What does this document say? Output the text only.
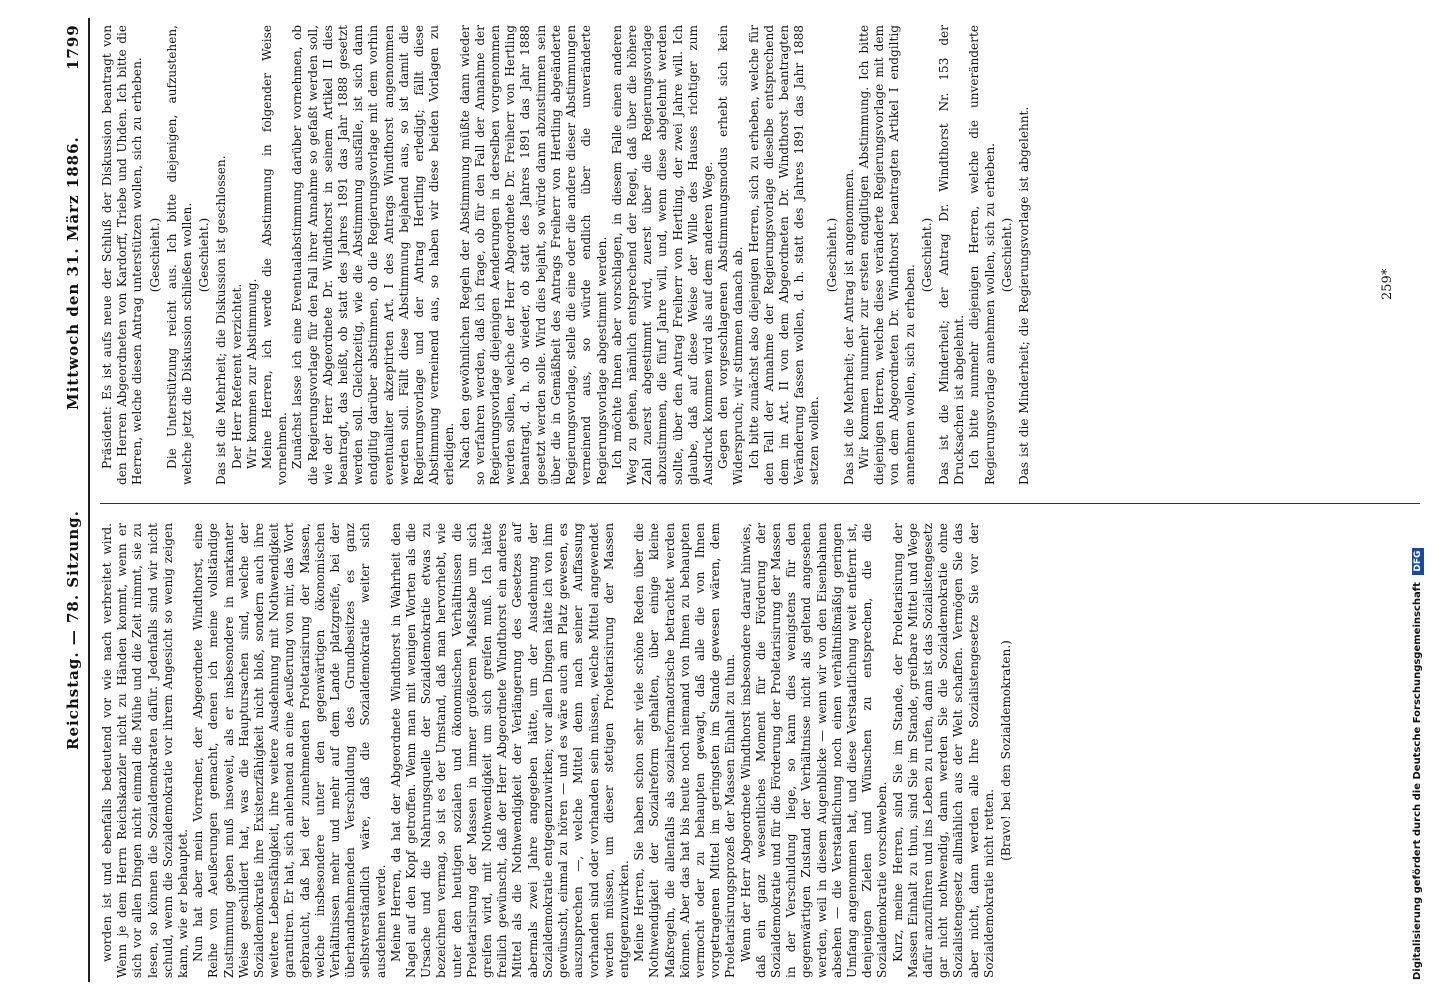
Reichstag. — 78. Sitzung.
Mittwoch den 31. März 1886.
1799

worden ist und ebenfalls bedeutend vor wie nach verbreitet wird. Wenn je dem Herrn Reichskanzler nicht zu Händen kommt, wenn er sich vor allen Dingen nicht einmal die Mühe und die Zeit nimmt, sie zu lesen, so können die Sozialdemokraten dafür. Jedenfalls sind wir nicht schuld, wenn die Sozialdemokratie vor ihrem Angesicht so wenig zeigen kann, wie er behauptet. Nun hat aber mein Vorredner, der Abgeordnete Windthorst, eine Reihe von Aeußerungen gemacht, denen ich meine vollständige Zustimmung geben muß insoweit, als er insbesondere in markanter Weise geschildert hat, was die Hauptursachen sind, welche der Sozialdemokratie ihre Existenzfähigkeit nicht bloß, sondern auch ihre weitere Lebensfähigkeit, ihre weitere Ausdehnung mit Nothwendigkeit garantiren. Er hat, sich anlehnend an eine Aeußerung von mir, das Wort gebraucht, daß bei der zunehmenden Proletarisirung der Massen, welche insbesondere unter den gegenwärtigen ökonomischen Verhältnissen mehr und mehr auf dem Lande platzgreife, bei der überhandnehmenden Verschuldung des Grundbesitzes es ganz selbstverständlich wäre, daß die Sozialdemokratie weiter sich ausdehnen werde. Meine Herren, da hat der Abgeordnete Windthorst in Wahrheit den Nagel auf den Kopf getroffen. Wenn man mit wenigen Worten als die Ursache und die Nahrungsquelle der Sozialdemokratie etwas zu bezeichnen vermag, so ist es der Umstand, daß man hervorhebt, wie unter den heutigen sozialen und ökonomischen Verhältnissen die Proletarisirung der Massen in immer größerem Maßstabe um sich greifen wird, mit Nothwendigkeit um sich greifen muß. Ich hätte freilich gewünscht, daß der Herr Abgeordnete Windthorst ein anderes Mittel als die Nothwendigkeit der Verlängerung des Gesetzes auf abermals zwei Jahre angegeben hätte, um der Ausdehnung der Sozialdemokratie entgegenzuwirken; vor allen Dingen hätte ich von ihm gewünscht, einmal zu hören — und es wäre auch am Platz gewesen, es auszusprechen —, welche Mittel denn nach seiner Auffassung vorhanden sind oder vorhanden sein müssen, welche Mittel angewendet werden müssen, um dieser stetigen Proletarisirung der Massen entgegenzuwirken. Meine Herren, Sie haben schon sehr viele schöne Reden über die Nothwendigkeit der Sozialreform gehalten, über einige kleine Maßregeln, die allenfalls als sozialreformatorische betrachtet werden können. Aber das hat bis heute noch niemand von Ihnen zu behaupten vermocht oder zu behaupten gewagt, daß alle die von Ihnen vorgetragenen Mittel im geringsten im Stande gewesen wären, dem Proletarisirungsprozeß der Massen Einhalt zu thun. Wenn der Herr Abgeordnete Windthorst insbesondere darauf hinwies, daß ein ganz wesentliches Moment für die Förderung der Sozialdemokratie und für die Förderung der Proletarisirung der Massen in der Verschuldung liege, so kann dies wenigstens für den gegenwärtigen Zustand der Verhältnisse nicht als geltend angesehen werden, weil in diesem Augenblicke — wenn wir von den Eisenbahnen absehen — die Verstaatlichung noch einen verhältnißmäßig geringen Umfang angenommen hat, und diese Verstaatlichung weit entfernt ist, denjenigen Zielen und Wünschen zu entsprechen, die die Sozialdemokratie vorschweben. Kurz, meine Herren, sind Sie im Stande, der Proletarisirung der Massen Einhalt zu thun, sind Sie im Stande, greifbare Mittel und Wege dafür anzuführen und ins Leben zu rufen, dann ist das Sozialistengesetz gar nicht nothwendig, dann werden Sie die Sozialdemokratie ohne Sozialistengesetz allmählich aus der Welt schaffen. Vermögen Sie das aber nicht, dann werden alle Ihre Sozialistengesetze Sie vor der Sozialdemokratie nicht retten.

(Bravo! bei den Sozialdemokraten.)

Präsident: Es ist aufs neue der Schluß der Diskussion beantragt von den Herren Abgeordneten von Kardorff, Triebe und Uhden. Ich bitte die Herren, welche diesen Antrag unterstützen wollen, sich zu erheben. (Geschieht.) Die Unterstützung reicht aus. Ich bitte diejenigen, aufzustehen, welche jetzt die Diskussion schließen wollen. (Geschieht.) Das ist die Mehrheit; die Diskussion ist geschlossen. Der Herr Referent verzichtet. Wir kommen zur Abstimmung. Meine Herren, ich werde die Abstimmung in folgender Weise vornehmen. Zunächst lasse ich eine Eventualabstimmung darüber vornehmen, ob die Regierungsvorlage für den Fall ihrer Annahme so gefaßt werden soll, wie der Herr Abgeordnete Dr. Windthorst in seinem Artikel II dies beantragt, das heißt, ob statt des Jahres 1891 das Jahr 1888 gesetzt werden soll. Gleichzeitig, wie die Abstimmung ausfälle, ist sich dann endgiltig darüber abstimmen, ob die Regierungsvorlage mit dem vorhin eventualiter akzeptirten Art. I des Antrags Windthorst angenommen werden soll. Fällt diese Abstimmung bejahend aus, so ist damit die Regierungsvorlage und der Antrag Hertling erledigt; fällt diese Abstimmung verneinend aus, so haben wir diese beiden Vorlagen zu erledigen. Nach den gewöhnlichen Regeln der Abstimmung müßte dann wieder so verfahren werden, daß ich frage, ob für den Fall der Annahme der Regierungsvorlage diejenigen Aenderungen in derselben vorgenommen werden sollen, welche der Herr Abgeordnete Dr. Freiherr von Hertling beantragt, d. h. ob wieder, ob statt des Jahres 1891 das Jahr 1888 gesetzt werden solle. Wird dies bejaht, so würde dann abzustimmen sein über die in Gemäßheit des Antrags Freiherr von Hertling abgeänderte Regierungsvorlage, stelle die eine oder die andere dieser Abstimmungen verneinend aus, so würde endlich über die unveränderte Regierungsvorlage abgestimmt werden. Ich möchte Ihnen aber vorschlagen, in diesem Falle einen anderen Weg zu gehen, nämlich entsprechend der Regel, daß über die höhere Zahl zuerst abgestimmt wird, zuerst über die Regierungsvorlage abzustimmen, die fünf Jahre will, und, wenn diese abgelehnt werden sollte, über den Antrag Freiherr von Hertling, der zwei Jahre will. Ich glaube, daß auf diese Weise der Wille des Hauses richtiger zum Ausdruck kommen wird als auf dem anderen Wege. Gegen den vorgeschlagenen Abstimmungsmodus erhebt sich kein Widerspruch; wir stimmen danach ab. Ich bitte zunächst also diejenigen Herren, sich zu erheben, welche für den Fall der Annahme der Regierungsvorlage dieselbe entsprechend dem im Art. II von dem Abgeordneten Dr. Windthorst beantragten Veränderung fassen wollen, d. h. statt des Jahres 1891 das Jahr 1888 setzen wollen.

(Geschieht.) Das ist die Mehrheit; der Antrag ist angenommen. Wir kommen nunmehr zur ersten endgiltigen Abstimmung. Ich bitte diejenigen Herren, welche diese veränderte Regierungsvorlage mit dem von dem Abgeordneten Dr. Windthorst beantragten Artikel I endgiltig annehmen wollen, sich zu erheben.

(Geschieht.) Das ist die Minderheit; der Antrag Dr. Windthorst Nr. 153 der Drucksachen ist abgelehnt. Ich bitte nunmehr diejenigen Herren, welche die unveränderte Regierungsvorlage annehmen wollen, sich zu erheben. (Geschieht.) Das ist die Minderheit; die Regierungsvorlage ist abgelehnt.	259*
Digitalisierung gefördert durch die Deutsche Forschungsgemeinschaft DFG
